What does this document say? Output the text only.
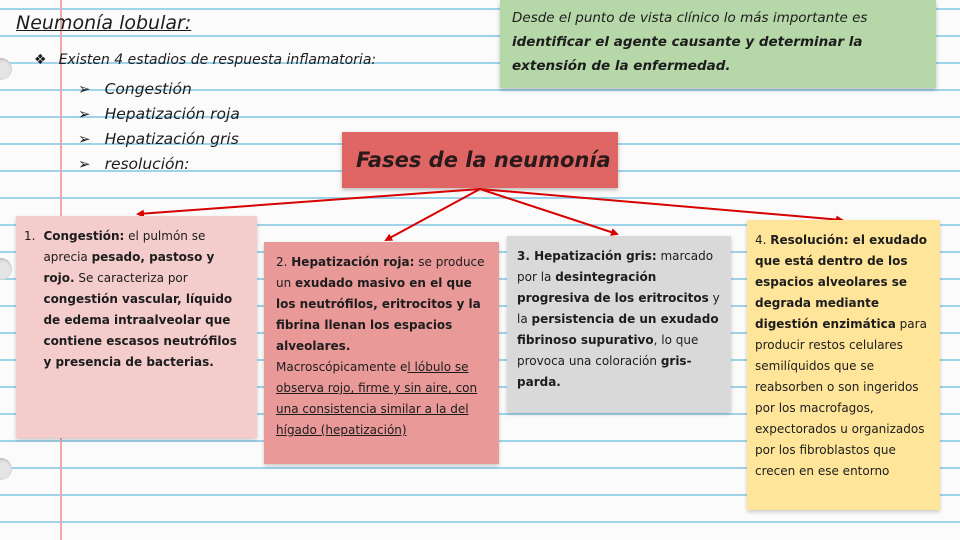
Neumonía lobular:
❖ Existen 4 estadios de respuesta inflamatoria:
➢ Congestión
➢ Hepatización roja
➢ Hepatización gris
➢ resolución:
Desde el punto de vista clínico lo más importante es identificar el agente causante y determinar la extensión de la enfermedad.
Fases de la neumonía
1. Congestión: el pulmón se aprecia pesado, pastoso y rojo. Se caracteriza por congestión vascular, líquido de edema intraalveolar que contiene escasos neutrófilos y presencia de bacterias.
2. Hepatización roja: se produce un exudado masivo en el que los neutrófilos, eritrocitos y la fibrina llenan los espacios alveolares.
Macroscópicamente el lóbulo se observa rojo, firme y sin aire, con una consistencia similar a la del hígado (hepatización)
3. Hepatización gris: marcado por la desintegración progresiva de los eritrocitos y la persistencia de un exudado fibrinoso supurativo, lo que provoca una coloración gris-parda.
4. Resolución: el exudado que está dentro de los espacios alveolares se degrada mediante digestión enzimática para producir restos celulares semilíquidos que se reabsorben o son ingeridos por los macrofagos, expectorados u organizados por los fibroblastos que crecen en ese entorno
